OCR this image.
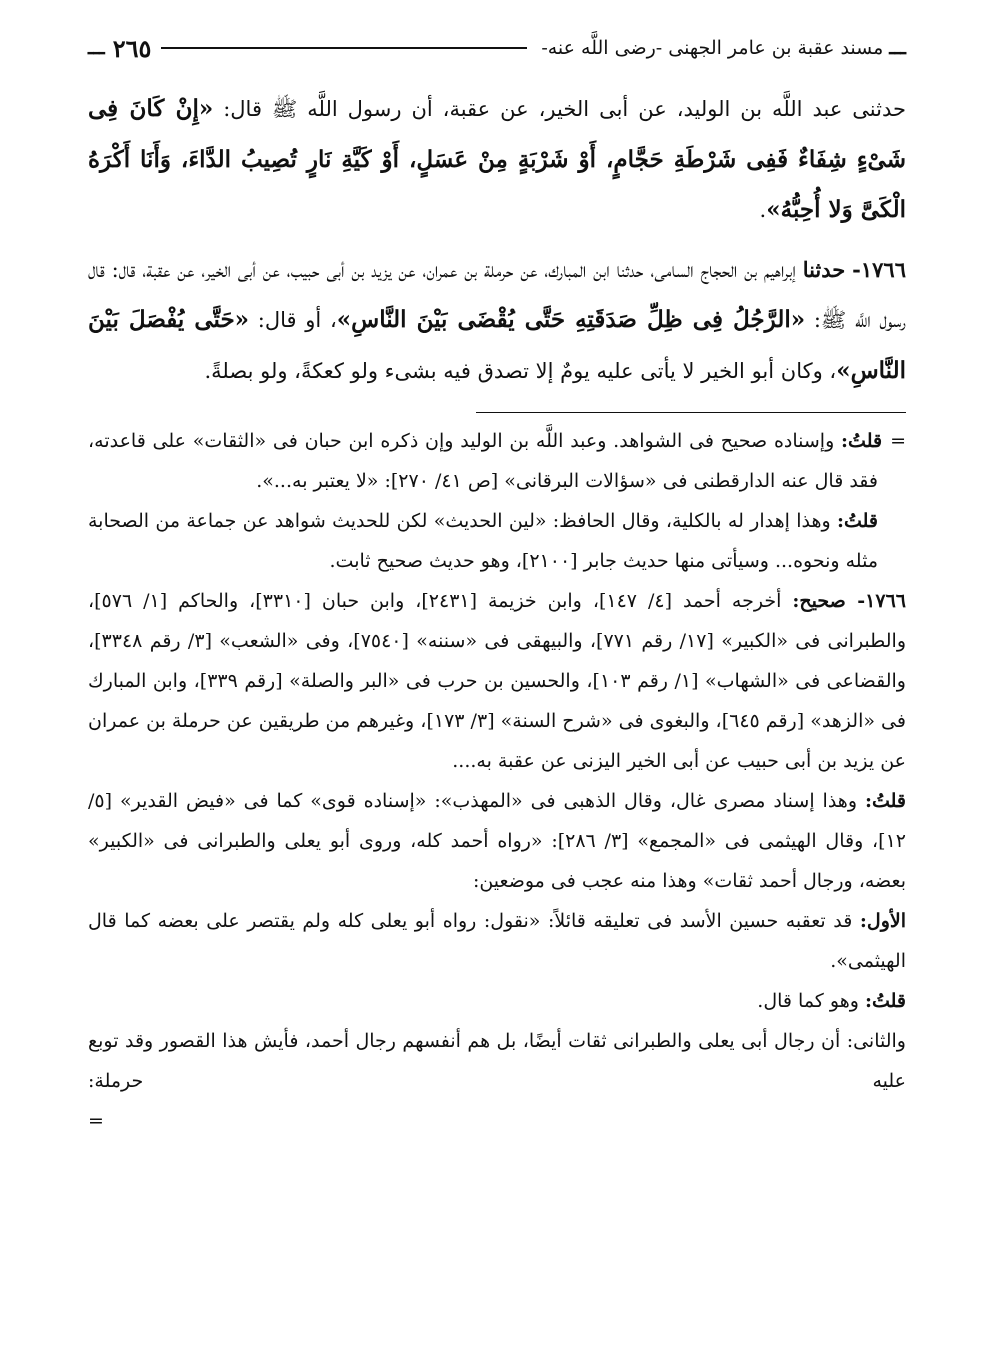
ـــ
مسند عقبة بن عامر الجهنى -رضى اللَّه عنه-
٢٦٥
ـــ

حدثنى عبد اللَّه بن الوليد، عن أبى الخير، عن عقبة، أن رسول اللَّه ﷺ قال: «إِنْ كَانَ فِى شَىْءٍ شِفَاءٌ فَفِى شَرْطَةِ حَجَّامٍ، أَوْ شَرْبَةٍ مِنْ عَسَلٍ، أَوْ كَيَّةِ نَارٍ تُصِيبُ الدَّاءَ، وَأَنَا أَكْرَهُ الْكَىَّ وَلا أُحِبُّهُ».

١٧٦٦- حدثنا إبراهيم بن الحجاج السامى، حدثنا ابن المبارك، عن حرملة بن عمران، عن يزيد بن أبى حبيب، عن أبى الخير، عن عقبة، قال: قال رسول اللَّه ﷺ: «الرَّجُلُ فِى ظِلِّ صَدَقَتِهِ حَتَّى يُقْضَى بَيْنَ النَّاسِ»، أو قال: «حَتَّى يُفْصَلَ بَيْنَ النَّاسِ»، وكان أبو الخير لا يأتى عليه يومٌ إلا تصدق فيه بشىء ولو كعكةً، ولو بصلةً.

=قلتُ: وإسناده صحيح فى الشواهد. وعبد اللَّه بن الوليد وإن ذكره ابن حبان فى «الثقات» على قاعدته، فقد قال عنه الدارقطنى فى «سؤالات البرقانى» [ص ٤١/ ٢٧٠]: «لا يعتبر به...».

قلتُ: وهذا إهدار له بالكلية، وقال الحافظ: «لين الحديث» لكن للحديث شواهد عن جماعة من الصحابة مثله ونحوه... وسيأتى منها حديث جابر [٢١٠٠]، وهو حديث صحيح ثابت.

١٧٦٦- صحيح: أخرجه أحمد [٤/ ١٤٧]، وابن خزيمة [٢٤٣١]، وابن حبان [٣٣١٠]، والحاكم [١/ ٥٧٦]، والطبرانى فى «الكبير» [١٧/ رقم ٧٧١]، والبيهقى فى «سننه» [٧٥٤٠]، وفى «الشعب» [٣/ رقم ٣٣٤٨]، والقضاعى فى «الشهاب» [١/ رقم ١٠٣]، والحسين بن حرب فى «البر والصلة» [رقم ٣٣٩]، وابن المبارك فى «الزهد» [رقم ٦٤٥]، والبغوى فى «شرح السنة» [٣/ ١٧٣]، وغيرهم من طريقين عن حرملة بن عمران عن يزيد بن أبى حبيب عن أبى الخير اليزنى عن عقبة به....

قلتُ: وهذا إسناد مصرى غال، وقال الذهبى فى «المهذب»: «إسناده قوى» كما فى «فيض القدير» [٥/ ١٢]، وقال الهيثمى فى «المجمع» [٣/ ٢٨٦]: «رواه أحمد كله، وروى أبو يعلى والطبرانى فى «الكبير» بعضه، ورجال أحمد ثقات» وهذا منه عجب فى موضعين:

الأول: قد تعقبه حسين الأسد فى تعليقه قائلاً: «نقول: رواه أبو يعلى كله ولم يقتصر على بعضه كما قال الهيثمى».

قلتُ: وهو كما قال.

والثانى: أن رجال أبى يعلى والطبرانى ثقات أيضًا، بل هم أنفسهم رجال أحمد، فأيش هذا القصور وقد توبع عليه حرملة: =
